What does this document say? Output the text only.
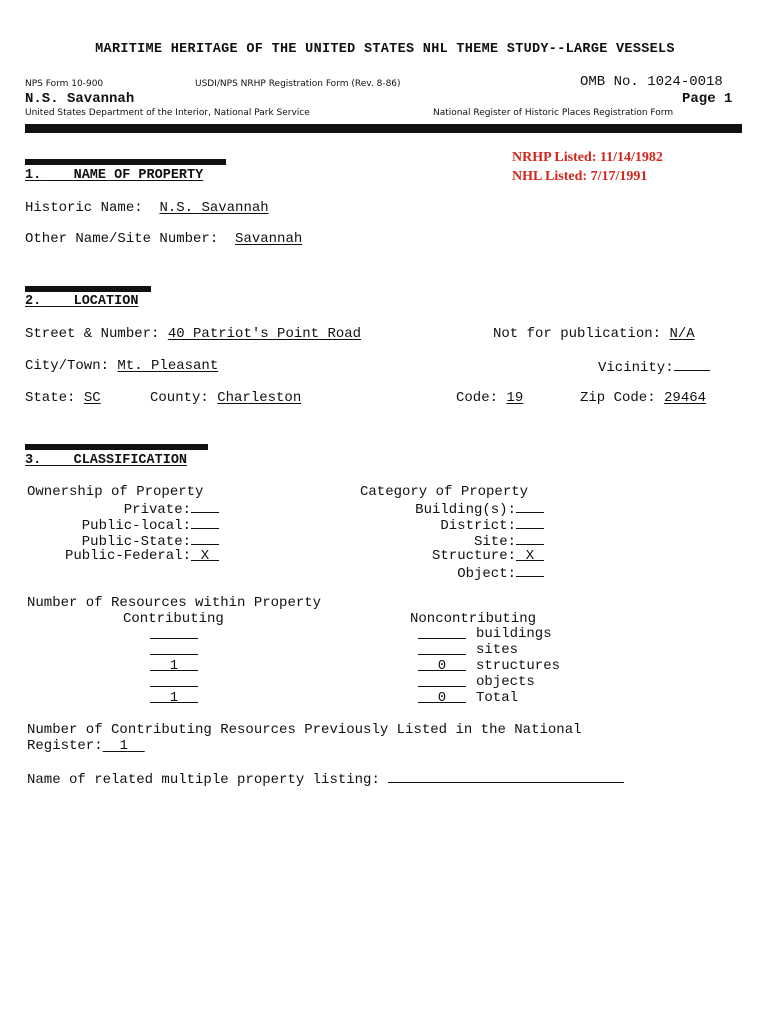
MARITIME HERITAGE OF THE UNITED STATES NHL THEME STUDY--LARGE VESSELS
NPS Form 10-900	USDI/NPS NRHP Registration Form (Rev. 8-86)	OMB No. 1024-0018
N.S. Savannah	Page 1
United States Department of the Interior, National Park Service	National Register of Historic Places Registration Form
NRHP Listed: 11/14/1982
NHL Listed: 7/17/1991
1. NAME OF PROPERTY
Historic Name: N.S. Savannah
Other Name/Site Number: Savannah
2. LOCATION
Street & Number: 40 Patriot's Point Road	Not for publication: N/A
City/Town: Mt. Pleasant	Vicinity:
State: SC	County: Charleston	Code: 19	Zip Code: 29464
3. CLASSIFICATION
Ownership of Property	Category of Property
Number of Resources within Property
Contributing	Noncontributing
Number of Contributing Resources Previously Listed in the National
Register: 1
Name of related multiple property listing:
Private:
Public-local:
Public-State:
Public-Federal: X
Building(s):
District:
Site:
Structure: X
Object:
buildings
sites
1	0	structures
objects
1	0	Total
